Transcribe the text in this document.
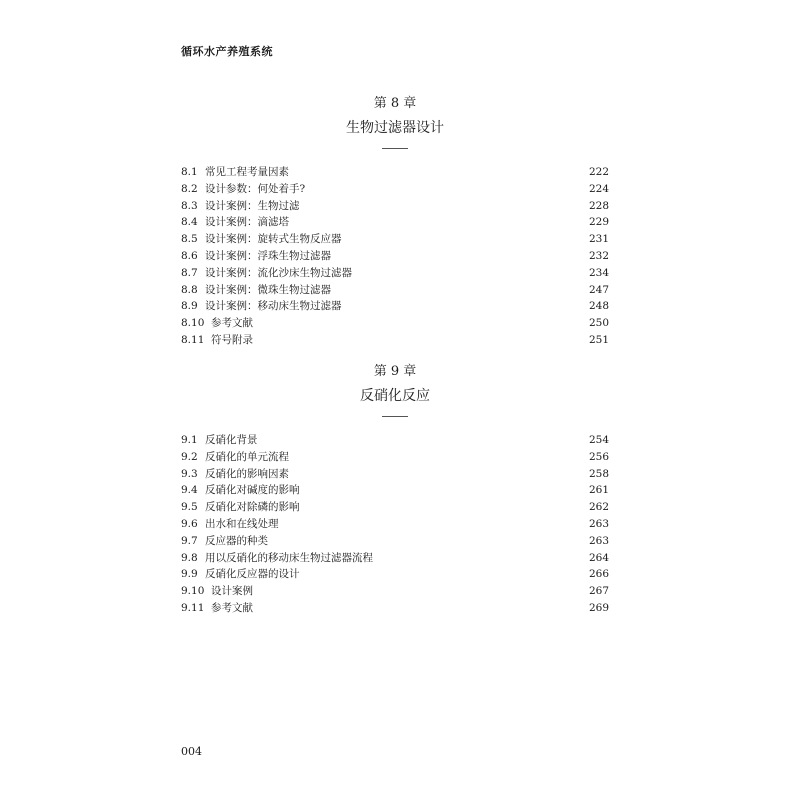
循环水产养殖系统
第 8 章
生物过滤器设计
8.1 常见工程考量因素	222
8.2 设计参数：何处着手?	224
8.3 设计案例：生物过滤	228
8.4 设计案例：滴滤塔	229
8.5 设计案例：旋转式生物反应器	231
8.6 设计案例：浮珠生物过滤器	232
8.7 设计案例：流化沙床生物过滤器	234
8.8 设计案例：微珠生物过滤器	247
8.9 设计案例：移动床生物过滤器	248
8.10 参考文献	250
8.11 符号附录	251
第 9 章
反硝化反应
9.1 反硝化背景	254
9.2 反硝化的单元流程	256
9.3 反硝化的影响因素	258
9.4 反硝化对碱度的影响	261
9.5 反硝化对除磷的影响	262
9.6 出水和在线处理	263
9.7 反应器的种类	263
9.8 用以反硝化的移动床生物过滤器流程	264
9.9 反硝化反应器的设计	266
9.10 设计案例	267
9.11 参考文献	269
004
